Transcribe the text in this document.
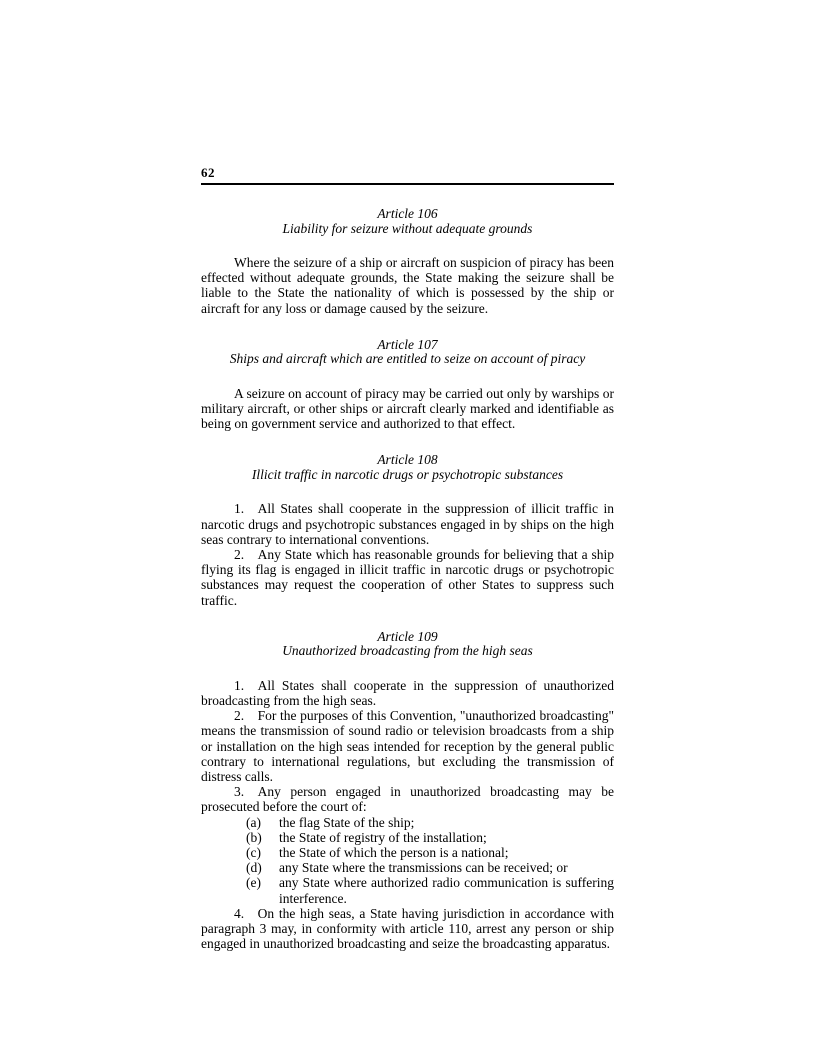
62
Article 106
Liability for seizure without adequate grounds

Where the seizure of a ship or aircraft on suspicion of piracy has been effected without adequate grounds, the State making the seizure shall be liable to the State the nationality of which is possessed by the ship or aircraft for any loss or damage caused by the seizure.

Article 107
Ships and aircraft which are entitled to seize on account of piracy

A seizure on account of piracy may be carried out only by warships or military aircraft, or other ships or aircraft clearly marked and identifiable as being on government service and authorized to that effect.

Article 108
Illicit traffic in narcotic drugs or psychotropic substances

1. All States shall cooperate in the suppression of illicit traffic in narcotic drugs and psychotropic substances engaged in by ships on the high seas contrary to international conventions.

2. Any State which has reasonable grounds for believing that a ship flying its flag is engaged in illicit traffic in narcotic drugs or psychotropic substances may request the cooperation of other States to suppress such traffic.

Article 109
Unauthorized broadcasting from the high seas

1. All States shall cooperate in the suppression of unauthorized broadcasting from the high seas.

2. For the purposes of this Convention, "unauthorized broadcasting" means the transmission of sound radio or television broadcasts from a ship or installation on the high seas intended for reception by the general public contrary to international regulations, but excluding the transmission of distress calls.

3. Any person engaged in unauthorized broadcasting may be prosecuted before the court of:

(a)	the flag State of the ship;
(b)	the State of registry of the installation;
(c)	the State of which the person is a national;
(d)	any State where the transmissions can be received; or
(e)	any State where authorized radio communication is suffering interference.

4. On the high seas, a State having jurisdiction in accordance with paragraph 3 may, in conformity with article 110, arrest any person or ship engaged in unauthorized broadcasting and seize the broadcasting apparatus.
